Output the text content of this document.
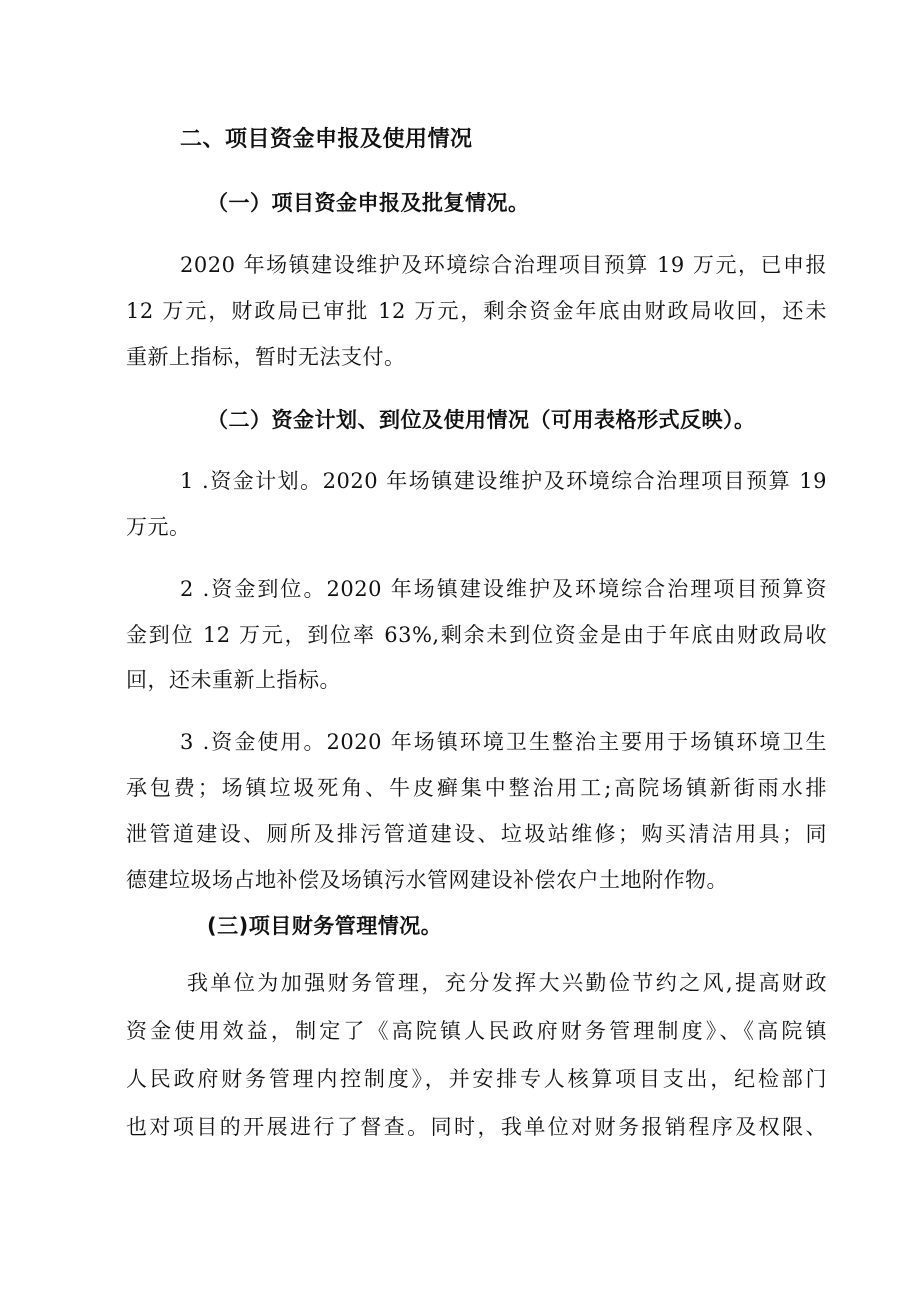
二、项目资金申报及使用情况
（一）项目资金申报及批复情况。
2020 年场镇建设维护及环境综合治理项目预算 19 万元，已申报
12 万元，财政局已审批 12 万元，剩余资金年底由财政局收回，还未
重新上指标，暂时无法支付。
（二）资金计划、到位及使用情况（可用表格形式反映）。
1 .资金计划。2020 年场镇建设维护及环境综合治理项目预算 19
万元。
2 .资金到位。2020 年场镇建设维护及环境综合治理项目预算资
金到位 12 万元，到位率 63%,剩余未到位资金是由于年底由财政局收
回，还未重新上指标。
3 .资金使用。2020 年场镇环境卫生整治主要用于场镇环境卫生
承包费；场镇垃圾死角、牛皮癣集中整治用工;高院场镇新街雨水排
泄管道建设、厕所及排污管道建设、垃圾站维修；购买清洁用具；同
德建垃圾场占地补偿及场镇污水管网建设补偿农户土地附作物。
(三)项目财务管理情况。
我单位为加强财务管理，充分发挥大兴勤俭节约之风,提高财政
资金使用效益，制定了《高院镇人民政府财务管理制度》、《高院镇
人民政府财务管理内控制度》，并安排专人核算项目支出，纪检部门
也对项目的开展进行了督查。同时，我单位对财务报销程序及权限、
